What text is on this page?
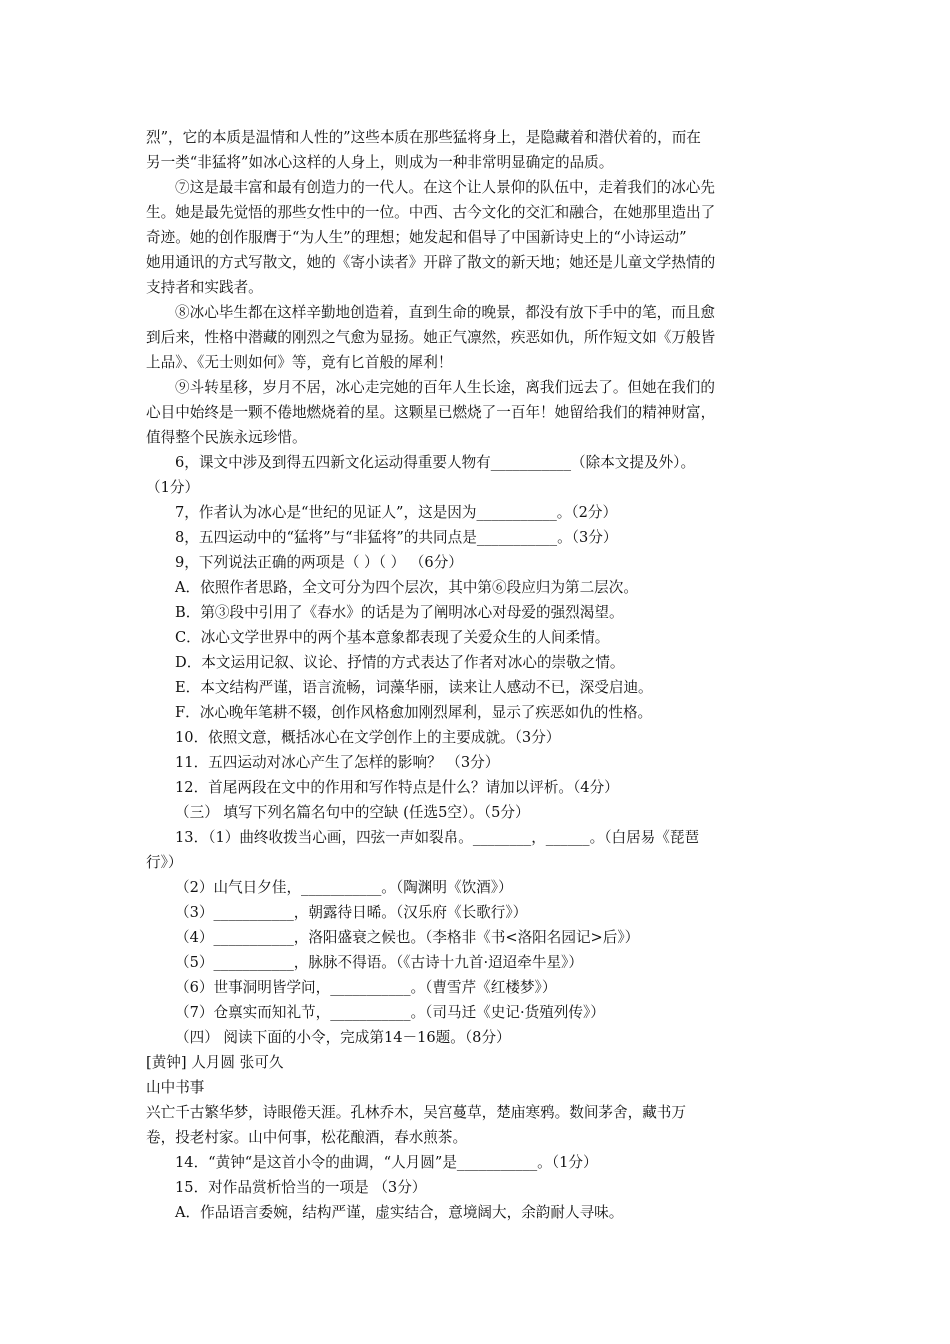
烈”，它的本质是温情和人性的”这些本质在那些猛将身上，是隐藏着和潜伏着的，而在
另一类“非猛将”如冰心这样的人身上，则成为一种非常明显确定的品质。
⑦这是最丰富和最有创造力的一代人。在这个让人景仰的队伍中，走着我们的冰心先
生。她是最先觉悟的那些女性中的一位。中西、古今文化的交汇和融合，在她那里造出了
奇迹。她的创作服膺于“为人生”的理想；她发起和倡导了中国新诗史上的“小诗运动”
她用通讯的方式写散文，她的《寄小读者》开辟了散文的新天地；她还是儿童文学热情的
支持者和实践者。
⑧冰心毕生都在这样辛勤地创造着，直到生命的晚景，都没有放下手中的笔，而且愈
到后来，性格中潜藏的刚烈之气愈为显扬。她正气凛然，疾恶如仇，所作短文如《万般皆
上品》、《无士则如何》等，竟有匕首般的犀利！
⑨斗转星移，岁月不居，冰心走完她的百年人生长途，离我们远去了。但她在我们的
心目中始终是一颗不倦地燃烧着的星。这颗星已燃烧了一百年！她留给我们的精神财富，
值得整个民族永远珍惜。
6，课文中涉及到得五四新文化运动得重要人物有___________（除本文提及外）。
（1分）
7，作者认为冰心是“世纪的见证人”，这是因为___________。（2分）
8，五四运动中的“猛将”与“非猛将”的共同点是___________。（3分）
9，下列说法正确的两项是（ ）（ ） （6分）
A．依照作者思路，全文可分为四个层次，其中第⑥段应归为第二层次。
B．第③段中引用了《春水》的话是为了阐明冰心对母爱的强烈渴望。
C．冰心文学世界中的两个基本意象都表现了关爱众生的人间柔情。
D．本文运用记叙、议论、抒情的方式表达了作者对冰心的崇敬之情。
E．本文结构严谨，语言流畅，词藻华丽，读来让人感动不已，深受启迪。
F．冰心晚年笔耕不辍，创作风格愈加刚烈犀利，显示了疾恶如仇的性格。
10．依照文意，概括冰心在文学创作上的主要成就。（3分）
11．五四运动对冰心产生了怎样的影响？ （3分）
12．首尾两段在文中的作用和写作特点是什么？请加以评析。（4分）
（三） 填写下列名篇名句中的空缺 (任选5空）。（5分）
13．（1）曲终收拨当心画，四弦一声如裂帛。________，______。（白居易《琵琶
行》）
（2）山气日夕佳，___________。（陶渊明《饮酒》）
（3）___________，朝露待日晞。（汉乐府《长歌行》）
（4）___________，洛阳盛衰之候也。（李格非《书<洛阳名园记>后》）
（5）___________，脉脉不得语。（《古诗十九首·迢迢牵牛星》）
（6）世事洞明皆学问，___________。（曹雪芹《红楼梦》）
（7）仓禀实而知礼节，___________。（司马迁《史记·货殖列传》）
（四） 阅读下面的小令，完成第14－16题。（8分）
[黄钟] 人月圆 张可久
山中书事
兴亡千古繁华梦，诗眼倦天涯。孔林乔木，吴宫蔓草，楚庙寒鸦。数间茅舍，藏书万
卷，投老村家。山中何事，松花酿酒，春水煎茶。
14．“黄钟“是这首小令的曲调，“人月圆”是___________。（1分）
15．对作品赏析恰当的一项是 （3分）
A．作品语言委婉，结构严谨，虚实结合，意境阔大，余韵耐人寻味。
